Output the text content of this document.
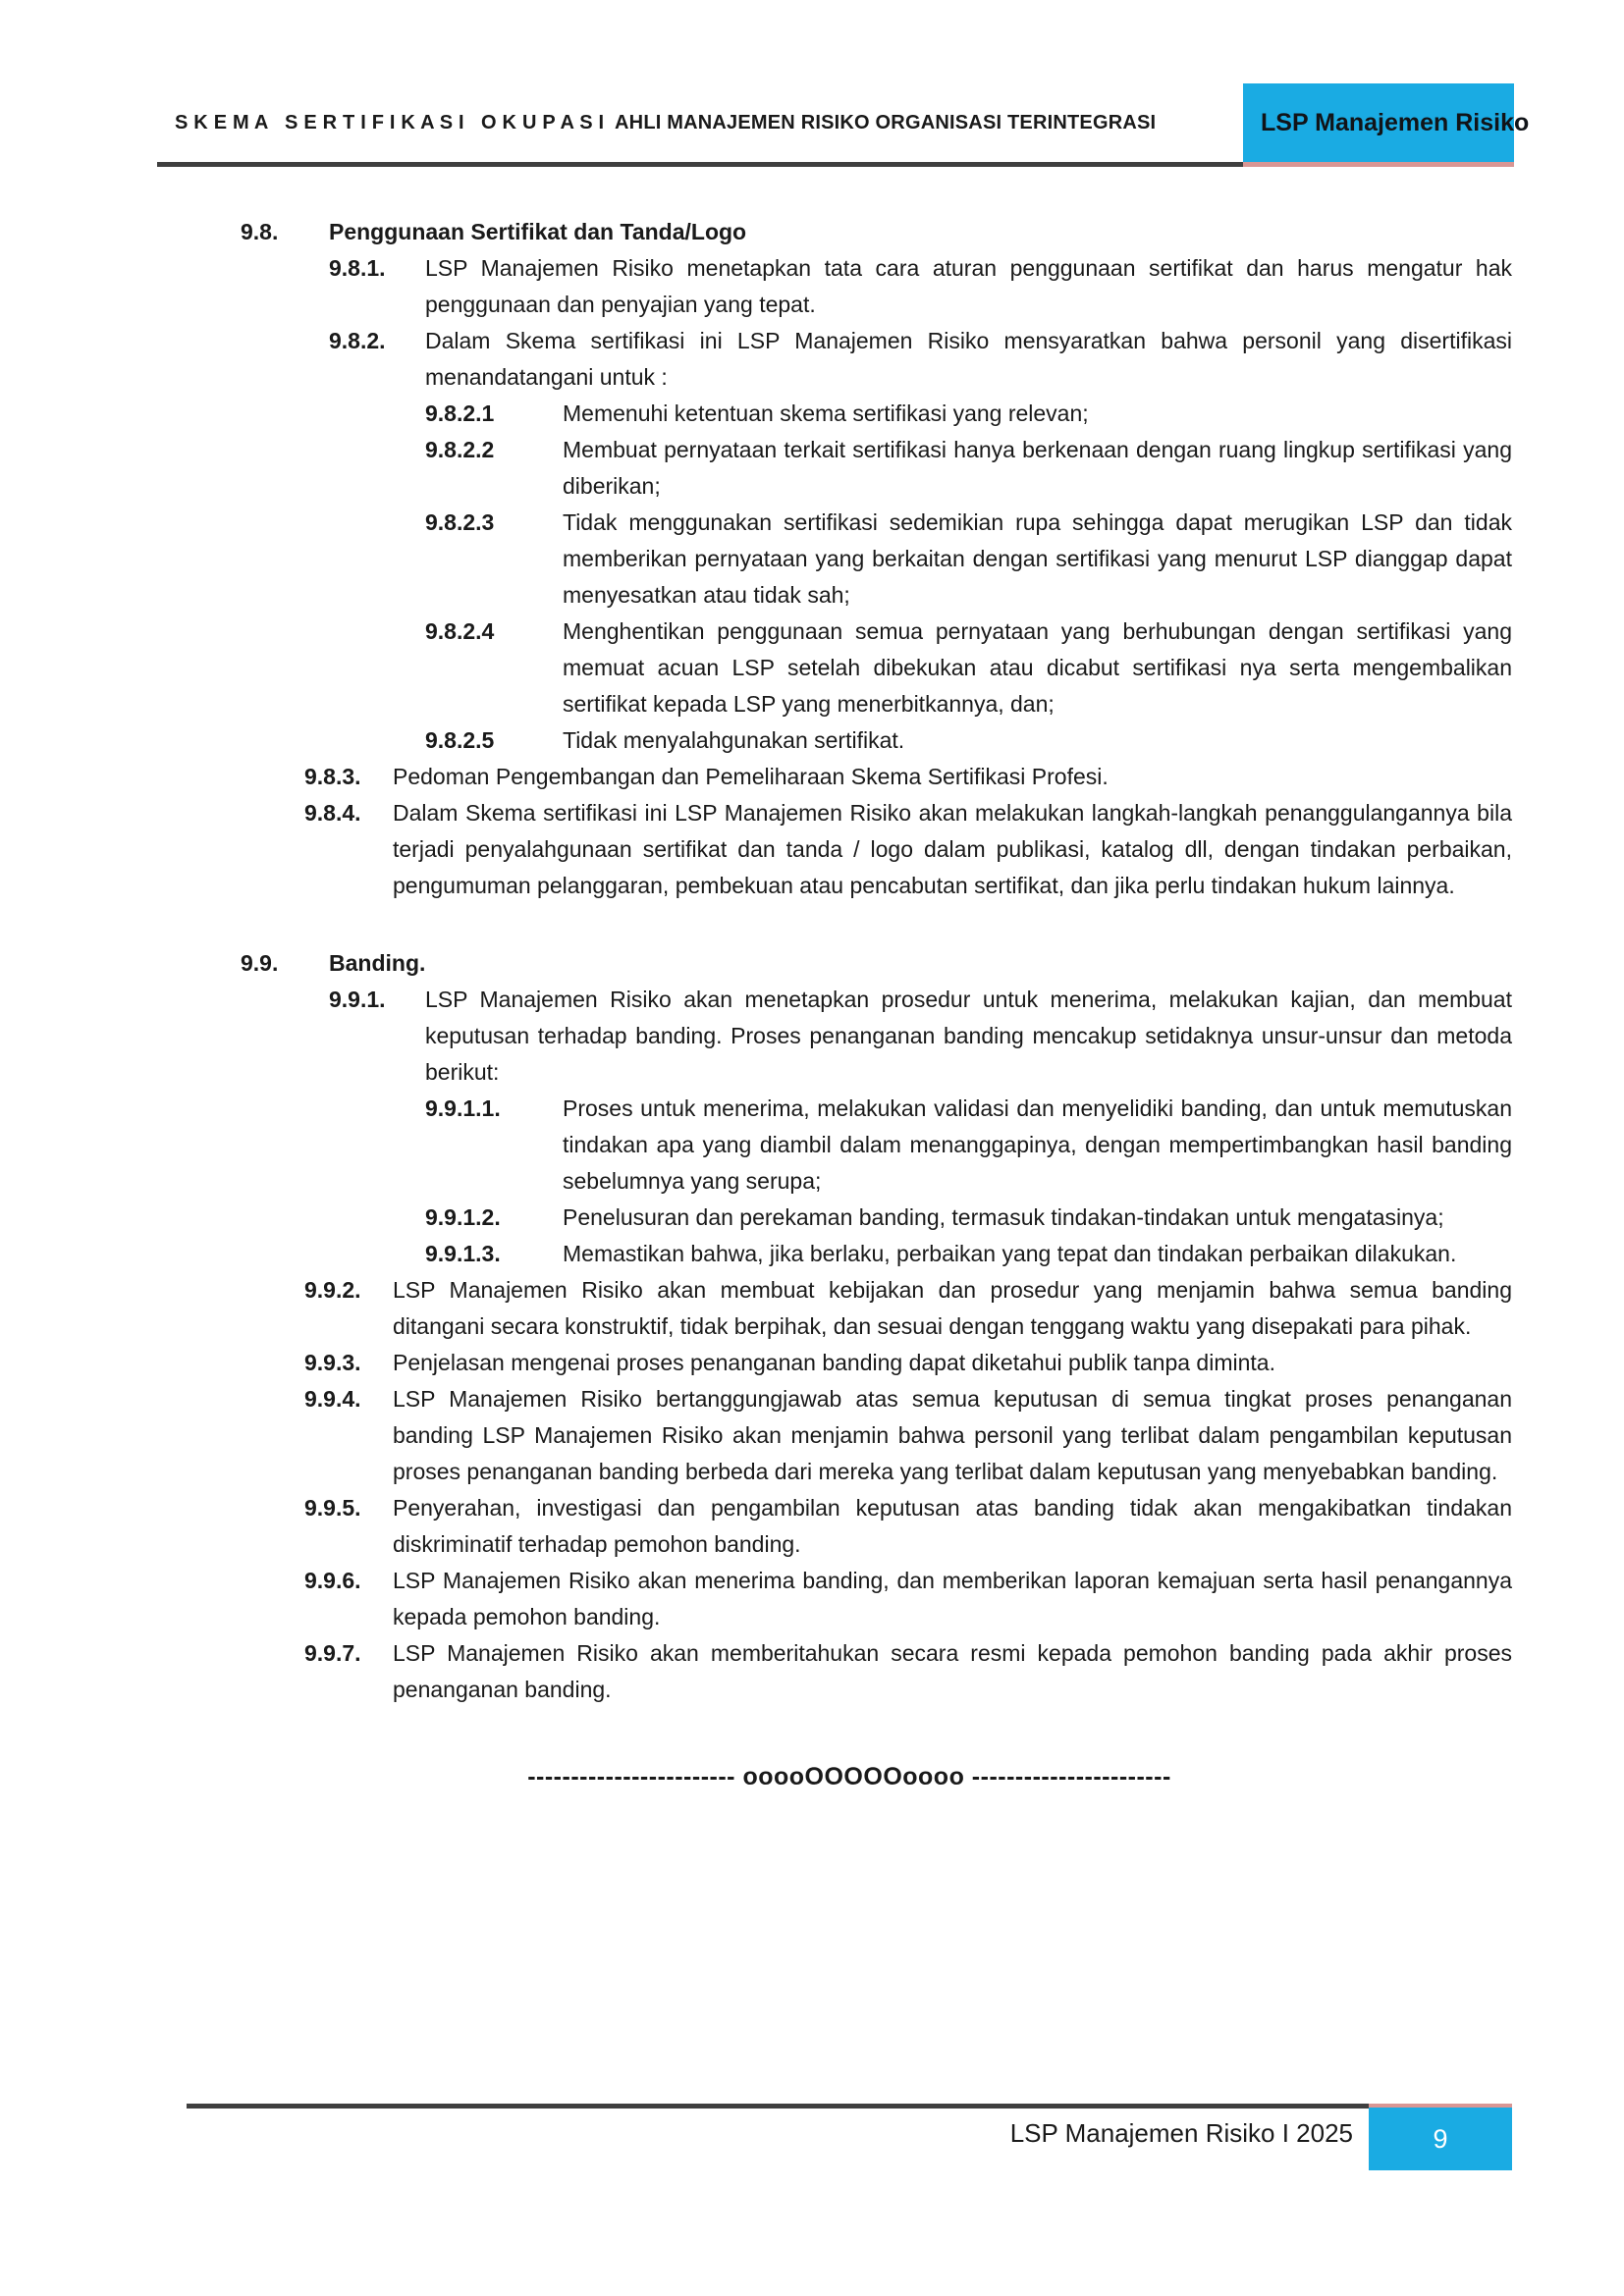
S K E M A   S E R T I F I K A S I   O K U P A S I  AHLI MANAJEMEN RISIKO ORGANISASI TERINTEGRASI	LSP Manajemen Risiko
9.8.	Penggunaan Sertifikat dan Tanda/Logo
9.8.1.	LSP Manajemen Risiko menetapkan tata cara aturan penggunaan sertifikat dan harus mengatur hak penggunaan dan penyajian yang tepat.
9.8.2.	Dalam Skema sertifikasi ini LSP Manajemen Risiko mensyaratkan bahwa personil yang disertifikasi menandatangani untuk :
9.8.2.1	Memenuhi ketentuan skema sertifikasi yang relevan;
9.8.2.2	Membuat pernyataan terkait sertifikasi hanya berkenaan dengan ruang lingkup sertifikasi yang diberikan;
9.8.2.3	Tidak menggunakan sertifikasi sedemikian rupa sehingga dapat merugikan LSP dan tidak memberikan pernyataan yang berkaitan dengan sertifikasi yang menurut LSP dianggap dapat menyesatkan atau tidak sah;
9.8.2.4	Menghentikan penggunaan semua pernyataan yang berhubungan dengan sertifikasi yang memuat acuan LSP setelah dibekukan atau dicabut sertifikasi nya serta mengembalikan sertifikat kepada LSP yang menerbitkannya, dan;
9.8.2.5	Tidak menyalahgunakan sertifikat.
9.8.3.	Pedoman Pengembangan dan Pemeliharaan Skema Sertifikasi Profesi.
9.8.4.	Dalam Skema sertifikasi ini LSP Manajemen Risiko akan melakukan langkah-langkah penanggulangannya bila terjadi penyalahgunaan sertifikat dan tanda / logo dalam publikasi, katalog dll, dengan tindakan perbaikan, pengumuman pelanggaran, pembekuan atau pencabutan sertifikat, dan jika perlu tindakan hukum lainnya.
9.9.	Banding.
9.9.1.	LSP Manajemen Risiko akan menetapkan prosedur untuk menerima, melakukan kajian, dan membuat keputusan terhadap banding. Proses penanganan banding mencakup setidaknya unsur-unsur dan metoda berikut:
9.9.1.1.	Proses untuk menerima, melakukan validasi dan menyelidiki banding, dan untuk memutuskan tindakan apa yang diambil dalam menanggapinya, dengan mempertimbangkan hasil banding sebelumnya yang serupa;
9.9.1.2.	Penelusuran dan perekaman banding, termasuk tindakan-tindakan untuk mengatasinya;
9.9.1.3.	Memastikan bahwa, jika berlaku, perbaikan yang tepat dan tindakan perbaikan dilakukan.
9.9.2.	LSP Manajemen Risiko akan membuat kebijakan dan prosedur yang menjamin bahwa semua banding ditangani secara konstruktif, tidak berpihak, dan sesuai dengan tenggang waktu yang disepakati para pihak.
9.9.3.	Penjelasan mengenai proses penanganan banding dapat diketahui publik tanpa diminta.
9.9.4.	LSP Manajemen Risiko bertanggungjawab atas semua keputusan di semua tingkat proses penanganan banding LSP Manajemen Risiko akan menjamin bahwa personil yang terlibat dalam pengambilan keputusan proses penanganan banding berbeda dari mereka yang terlibat dalam keputusan yang menyebabkan banding.
9.9.5.	Penyerahan, investigasi dan pengambilan keputusan atas banding tidak akan mengakibatkan tindakan diskriminatif terhadap pemohon banding.
9.9.6.	LSP Manajemen Risiko akan menerima banding, dan memberikan laporan kemajuan serta hasil penangannya kepada pemohon banding.
9.9.7.	LSP Manajemen Risiko akan memberitahukan secara resmi kepada pemohon banding pada akhir proses penanganan banding.
------------------------ ooooOOOOOoooo -----------------------
LSP Manajemen Risiko I 2025	9
